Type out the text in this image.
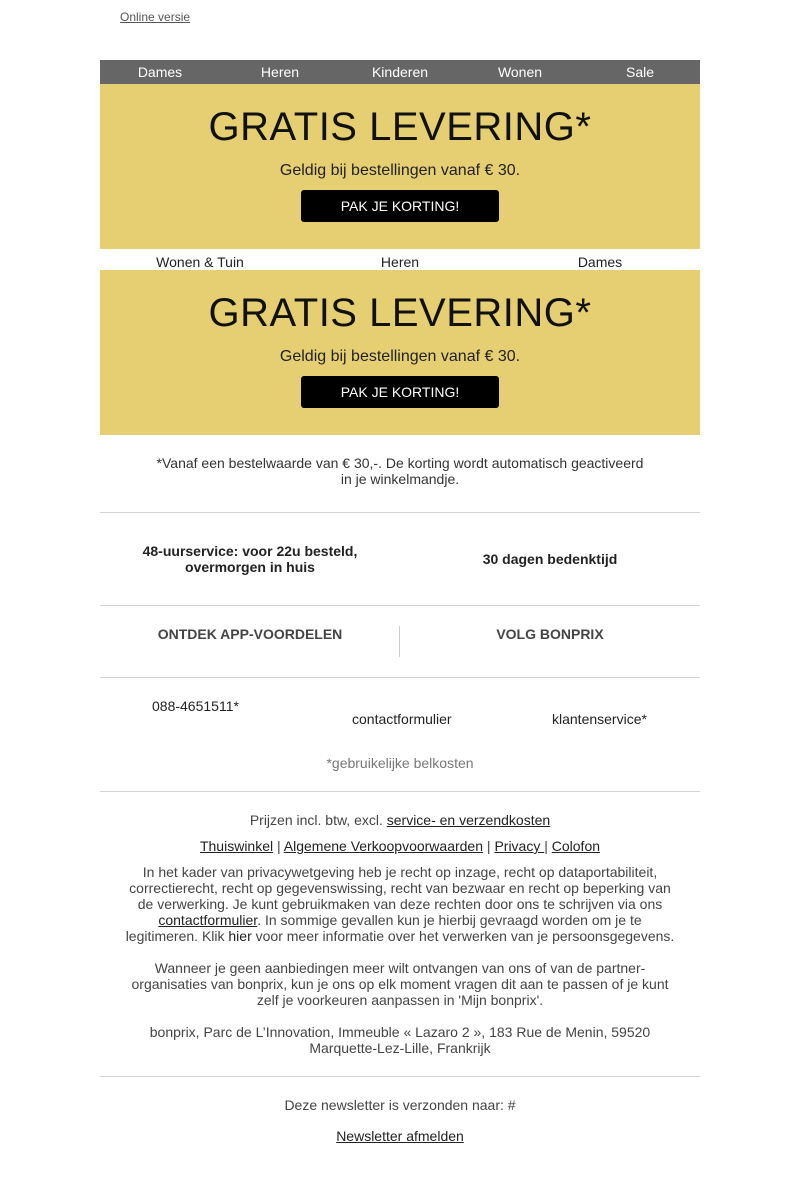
Online versie
Dames	Heren	Kinderen	Wonen	Sale
GRATIS LEVERING*
Geldig bij bestellingen vanaf € 30.
PAK JE KORTING!
Wonen & Tuin	Heren	Dames
GRATIS LEVERING*
Geldig bij bestellingen vanaf € 30.
PAK JE KORTING!
*Vanaf een bestelwaarde van € 30,-. De korting wordt automatisch geactiveerd
in je winkelmandje.
48-uurservice: voor 22u besteld,
overmorgen in huis	30 dagen bedenktijd
ONTDEK APP-VOORDELEN	VOLG BONPRIX
088-4651511*
contactformulier	klantenservice*
*gebruikelijke belkosten
Prijzen incl. btw, excl. service- en verzendkosten
Thuiswinkel | Algemene Verkoopvoorwaarden | Privacy | Colofon
In het kader van privacywetgeving heb je recht op inzage, recht op dataportabiliteit,
correctierecht, recht op gegevenswissing, recht van bezwaar en recht op beperking van
de verwerking. Je kunt gebruikmaken van deze rechten door ons te schrijven via ons
contactformulier. In sommige gevallen kun je hierbij gevraagd worden om je te
legitimeren. Klik hier voor meer informatie over het verwerken van je persoonsgegevens.
Wanneer je geen aanbiedingen meer wilt ontvangen van ons of van de partner-
organisaties van bonprix, kun je ons op elk moment vragen dit aan te passen of je kunt
zelf je voorkeuren aanpassen in 'Mijn bonprix'.
bonprix, Parc de L’Innovation, Immeuble « Lazaro 2 », 183 Rue de Menin, 59520
Marquette-Lez-Lille, Frankrijk
Deze newsletter is verzonden naar: #
Newsletter afmelden
